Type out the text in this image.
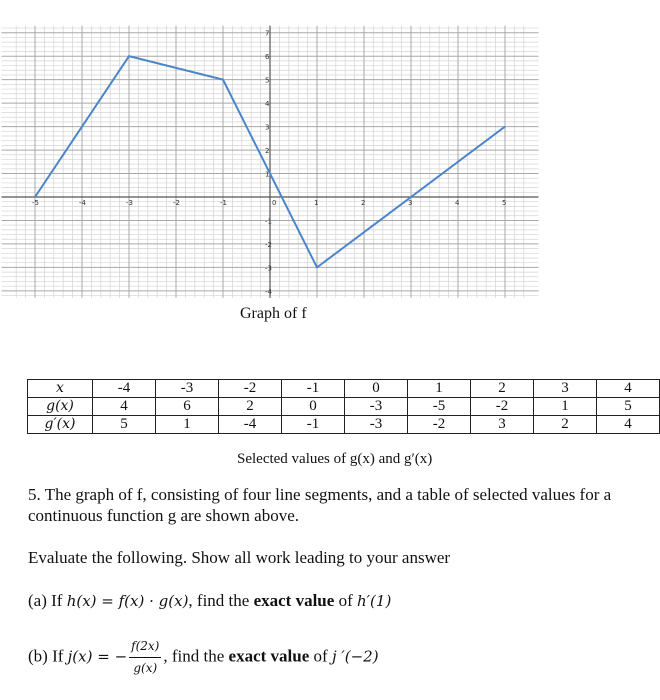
-5	-4	-3	-2	-1	0	1	2	3	4	5
-4
-3
-2
-1
1
2
3
4
5
6
7
Graph of f
x	-4	-3	-2	-1	0	1	2	3	4
g(x)	4	6	2	0	-3	-5	-2	1	5
g′(x)	5	1	-4	-1	-3	-2	3	2	4
Selected values of g(x) and g′(x)
5. The graph of f, consisting of four line segments, and a table of selected values for a continuous function g are shown above.
Evaluate the following. Show all work leading to your answer
(a) If h(x) = f(x) · g(x), find the exact value of h′(1)
(b) If j(x) = − $\frac{f(2x)}{g(x)}$ , find the exact value of j ′(−2)
